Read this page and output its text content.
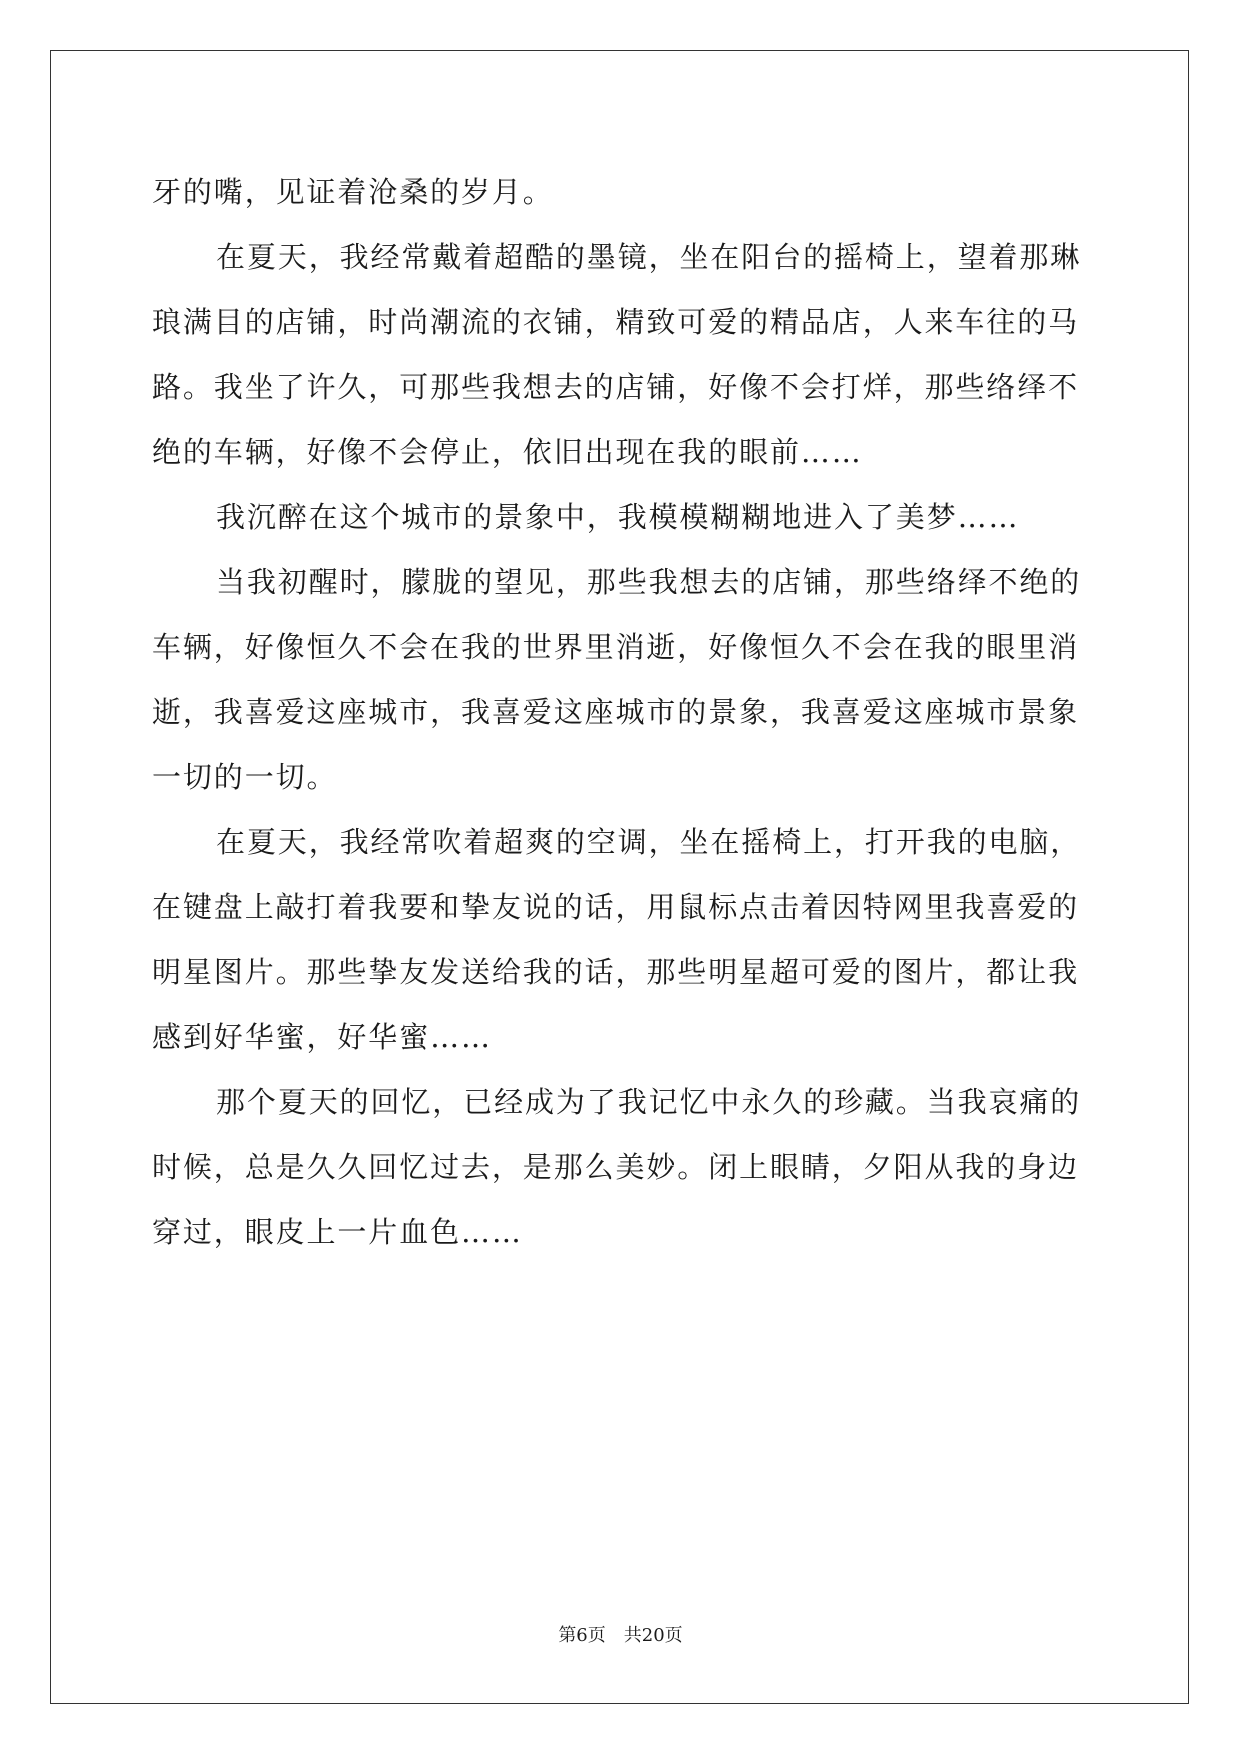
牙的嘴，见证着沧桑的岁月。
在夏天，我经常戴着超酷的墨镜，坐在阳台的摇椅上，望着那琳
琅满目的店铺，时尚潮流的衣铺，精致可爱的精品店，人来车往的马
路。我坐了许久，可那些我想去的店铺，好像不会打烊，那些络绎不
绝的车辆，好像不会停止，依旧出现在我的眼前……
我沉醉在这个城市的景象中，我模模糊糊地进入了美梦……
当我初醒时，朦胧的望见，那些我想去的店铺，那些络绎不绝的
车辆，好像恒久不会在我的世界里消逝，好像恒久不会在我的眼里消
逝，我喜爱这座城市，我喜爱这座城市的景象，我喜爱这座城市景象
一切的一切。
在夏天，我经常吹着超爽的空调，坐在摇椅上，打开我的电脑，
在键盘上敲打着我要和挚友说的话，用鼠标点击着因特网里我喜爱的
明星图片。那些挚友发送给我的话，那些明星超可爱的图片，都让我
感到好华蜜，好华蜜……
那个夏天的回忆，已经成为了我记忆中永久的珍藏。当我哀痛的
时候，总是久久回忆过去，是那么美妙。闭上眼睛，夕阳从我的身边
穿过，眼皮上一片血色……
第6页 共20页
